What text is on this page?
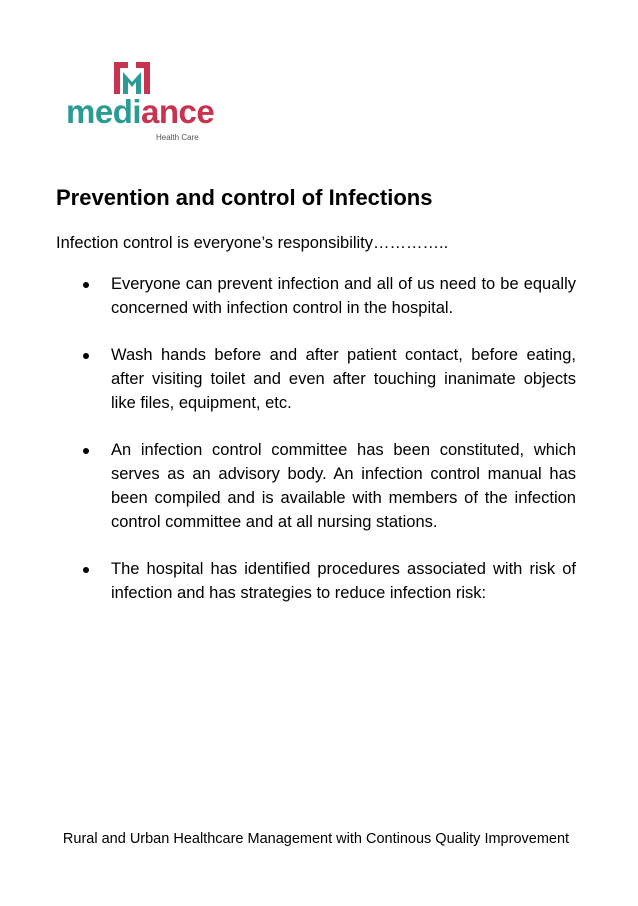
mediance
Health Care
Prevention and control of Infections

Infection control is everyone’s responsibility…………..

Everyone can prevent infection and all of us need to be equally concerned with infection control in the hospital.
Wash hands before and after patient contact, before eating, after visiting toilet and even after touching inanimate objects like files, equipment, etc.
An infection control committee has been constituted, which serves as an advisory body. An infection control manual has been compiled and is available with members of the infection control committee and at all nursing stations.
The hospital has identified procedures associated with risk of infection and has strategies to reduce infection risk:

Rural and Urban Healthcare Management with Continous Quality Improvement
